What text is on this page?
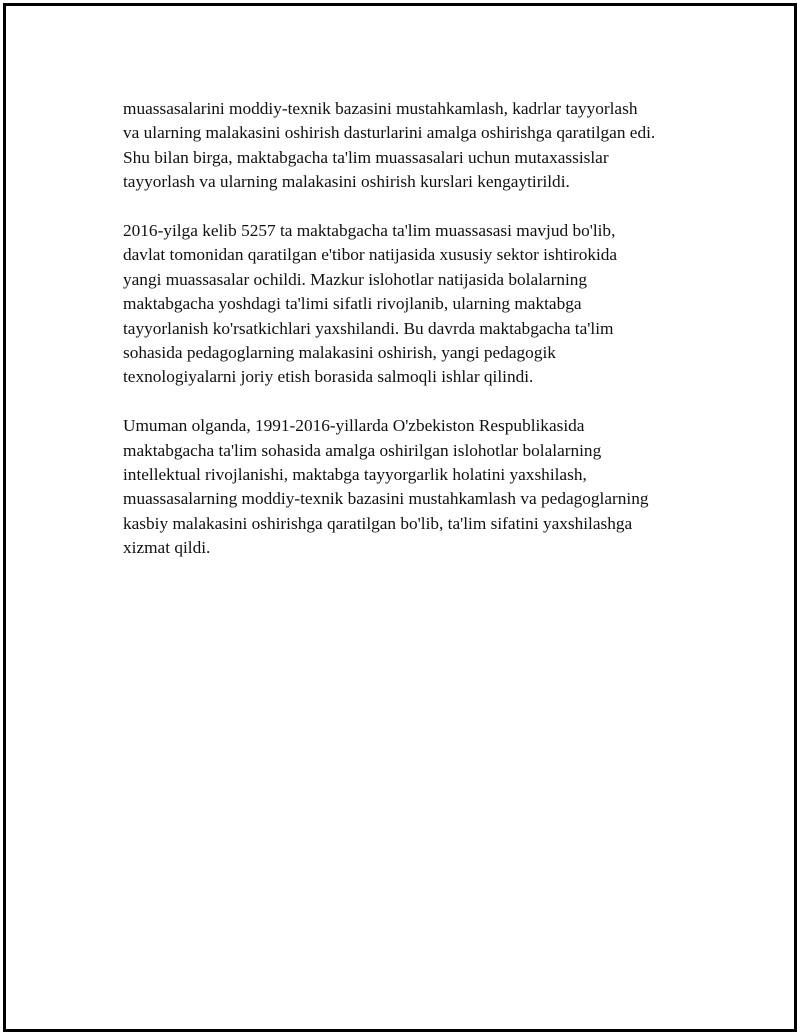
muassasalarini moddiy-texnik bazasini mustahkamlash, kadrlar tayyorlash
va ularning malakasini oshirish dasturlarini amalga oshirishga qaratilgan edi.
Shu bilan birga, maktabgacha ta'lim muassasalari uchun mutaxassislar
tayyorlash va ularning malakasini oshirish kurslari kengaytirildi.

2016-yilga kelib 5257 ta maktabgacha ta'lim muassasasi mavjud bo'lib,
davlat tomonidan qaratilgan e'tibor natijasida xususiy sektor ishtirokida
yangi muassasalar ochildi. Mazkur islohotlar natijasida bolalarning
maktabgacha yoshdagi ta'limi sifatli rivojlanib, ularning maktabga
tayyorlanish ko'rsatkichlari yaxshilandi. Bu davrda maktabgacha ta'lim
sohasida pedagoglarning malakasini oshirish, yangi pedagogik
texnologiyalarni joriy etish borasida salmoqli ishlar qilindi.

Umuman olganda, 1991-2016-yillarda O'zbekiston Respublikasida
maktabgacha ta'lim sohasida amalga oshirilgan islohotlar bolalarning
intellektual rivojlanishi, maktabga tayyorgarlik holatini yaxshilash,
muassasalarning moddiy-texnik bazasini mustahkamlash va pedagoglarning
kasbiy malakasini oshirishga qaratilgan bo'lib, ta'lim sifatini yaxshilashga
xizmat qildi.
